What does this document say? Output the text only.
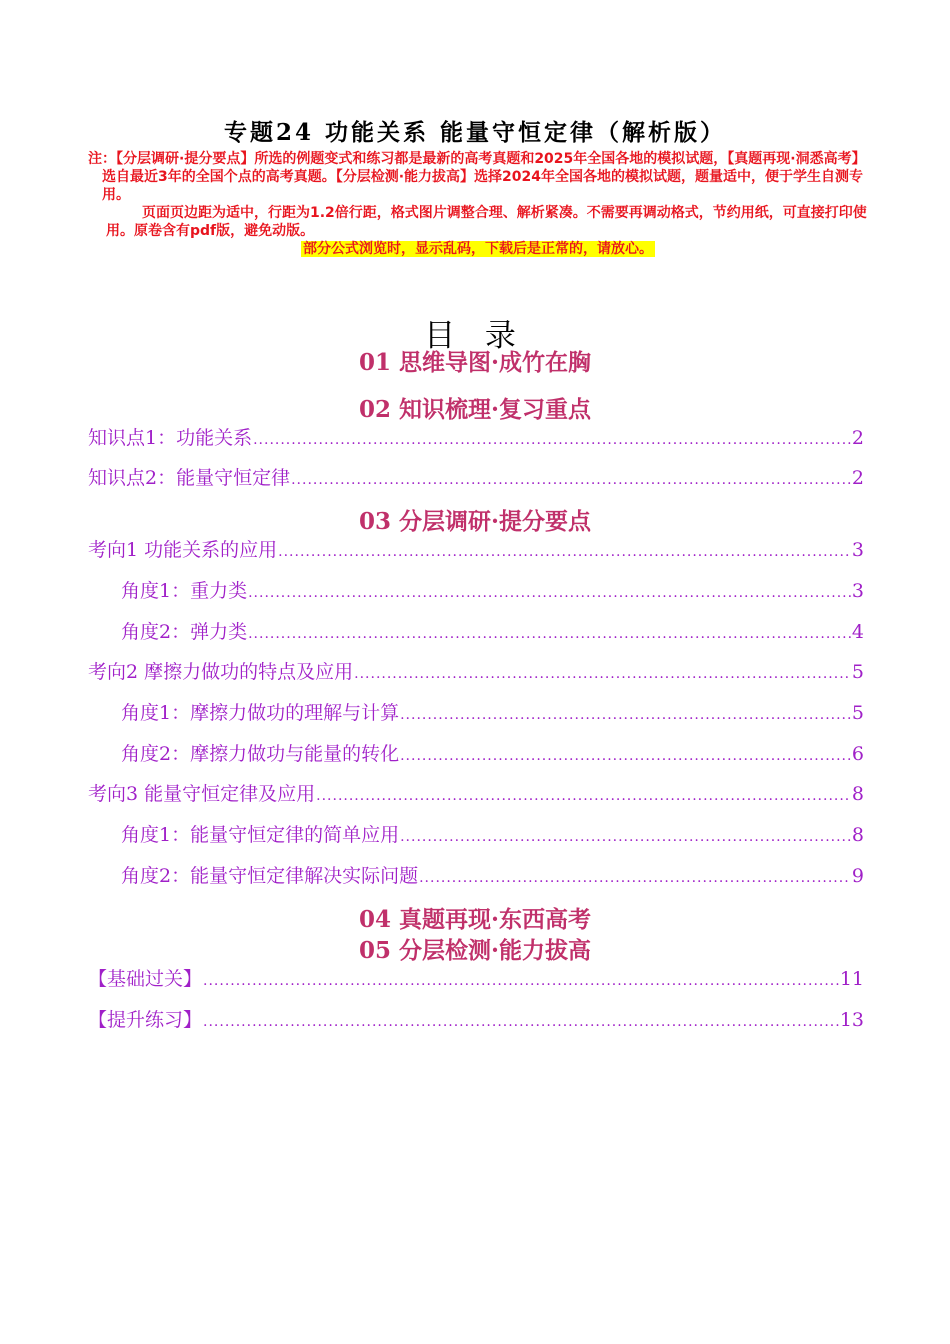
专题24 功能关系 能量守恒定律（解析版）

注：【分层调研·提分要点】所选的例题变式和练习都是最新的高考真题和2025年全国各地的模拟试题，【真题再现·洞悉高考】选自最近3年的全国个点的高考真题。【分层检测·能力拔高】选择2024年全国各地的模拟试题，题量适中，便于学生自测专用。

页面页边距为适中，行距为1.2倍行距，格式图片调整合理、解析紧凑。不需要再调动格式，节约用纸，可直接打印使用。原卷含有pdf版，避免动版。

部分公式浏览时，显示乱码，下载后是正常的，请放心。
目 录
01 思维导图·成竹在胸
02 知识梳理·复习重点
知识点1：功能关系 .....	2
知识点2：能量守恒定律 .....	2
03 分层调研·提分要点
考向1 功能关系的应用 .....	3
角度1：重力类 .....	3
角度2：弹力类 .....	4
考向2 摩擦力做功的特点及应用 .....	5
角度1：摩擦力做功的理解与计算 .....	5
角度2：摩擦力做功与能量的转化 .....	6
考向3 能量守恒定律及应用 .....	8
角度1：能量守恒定律的简单应用 .....	8
角度2：能量守恒定律解决实际问题 .....	9
04 真题再现·东西高考
05 分层检测·能力拔高
【基础过关】 .....	11
【提升练习】 .....	13
